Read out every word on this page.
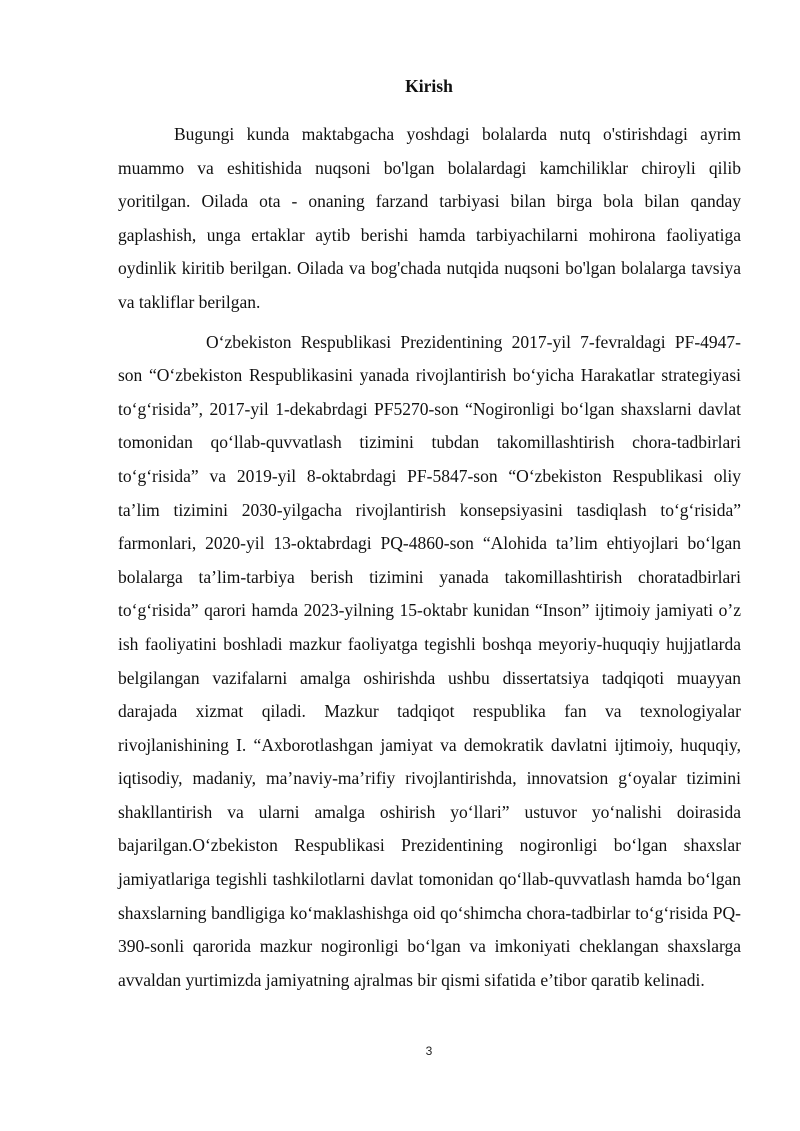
Kirish

Bugungi kunda maktabgacha yoshdagi bolalarda nutq o'stirishdagi ayrim muammo va eshitishida nuqsoni bo'lgan bolalardagi kamchiliklar chiroyli qilib yoritilgan. Oilada ota - onaning farzand tarbiyasi bilan birga bola bilan qanday gaplashish, unga ertaklar aytib berishi hamda tarbiyachilarni mohirona faoliyatiga oydinlik kiritib berilgan. Oilada va bog'chada nutqida nuqsoni bo'lgan bolalarga tavsiya va takliflar berilgan.

O‘zbekiston Respublikasi Prezidentining 2017-yil 7-fevraldagi PF-4947-son “O‘zbekiston Respublikasini yanada rivojlantirish bo‘yicha Harakatlar strategiyasi to‘g‘risida”, 2017-yil 1-dekabrdagi PF5270-son “Nogironligi bo‘lgan shaxslarni davlat tomonidan qo‘llab-quvvatlash tizimini tubdan takomillashtirish chora-tadbirlari to‘g‘risida” va 2019-yil 8-oktabrdagi PF-5847-son “O‘zbekiston Respublikasi oliy ta’lim tizimini 2030-yilgacha rivojlantirish konsepsiyasini tasdiqlash to‘g‘risida” farmonlari, 2020-yil 13-oktabrdagi PQ-4860-son “Alohida ta’lim ehtiyojlari bo‘lgan bolalarga ta’lim-tarbiya berish tizimini yanada takomillashtirish choratadbirlari to‘g‘risida” qarori hamda 2023-yilning 15-oktabr kunidan “Inson” ijtimoiy jamiyati o’z ish faoliyatini boshladi mazkur faoliyatga tegishli boshqa meyoriy-huquqiy hujjatlarda belgilangan vazifalarni amalga oshirishda ushbu dissertatsiya tadqiqoti muayyan darajada xizmat qiladi. Mazkur tadqiqot respublika fan va texnologiyalar rivojlanishining I. “Axborotlashgan jamiyat va demokratik davlatni ijtimoiy, huquqiy, iqtisodiy, madaniy, ma’naviy-ma’rifiy rivojlantirishda, innovatsion g‘oyalar tizimini shakllantirish va ularni amalga oshirish yo‘llari” ustuvor yo‘nalishi doirasida bajarilgan.O‘zbekiston Respublikasi Prezidentining nogironligi bo‘lgan shaxslar jamiyatlariga tegishli tashkilotlarni davlat tomonidan qo‘llab-quvvatlash hamda bo‘lgan shaxslarning bandligiga ko‘maklashishga oid qo‘shimcha chora-tadbirlar to‘g‘risida PQ-390-sonli qarorida mazkur nogironligi bo‘lgan va imkoniyati cheklangan shaxslarga avvaldan yurtimizda jamiyatning ajralmas bir qismi sifatida e’tibor qaratib kelinadi.

3
